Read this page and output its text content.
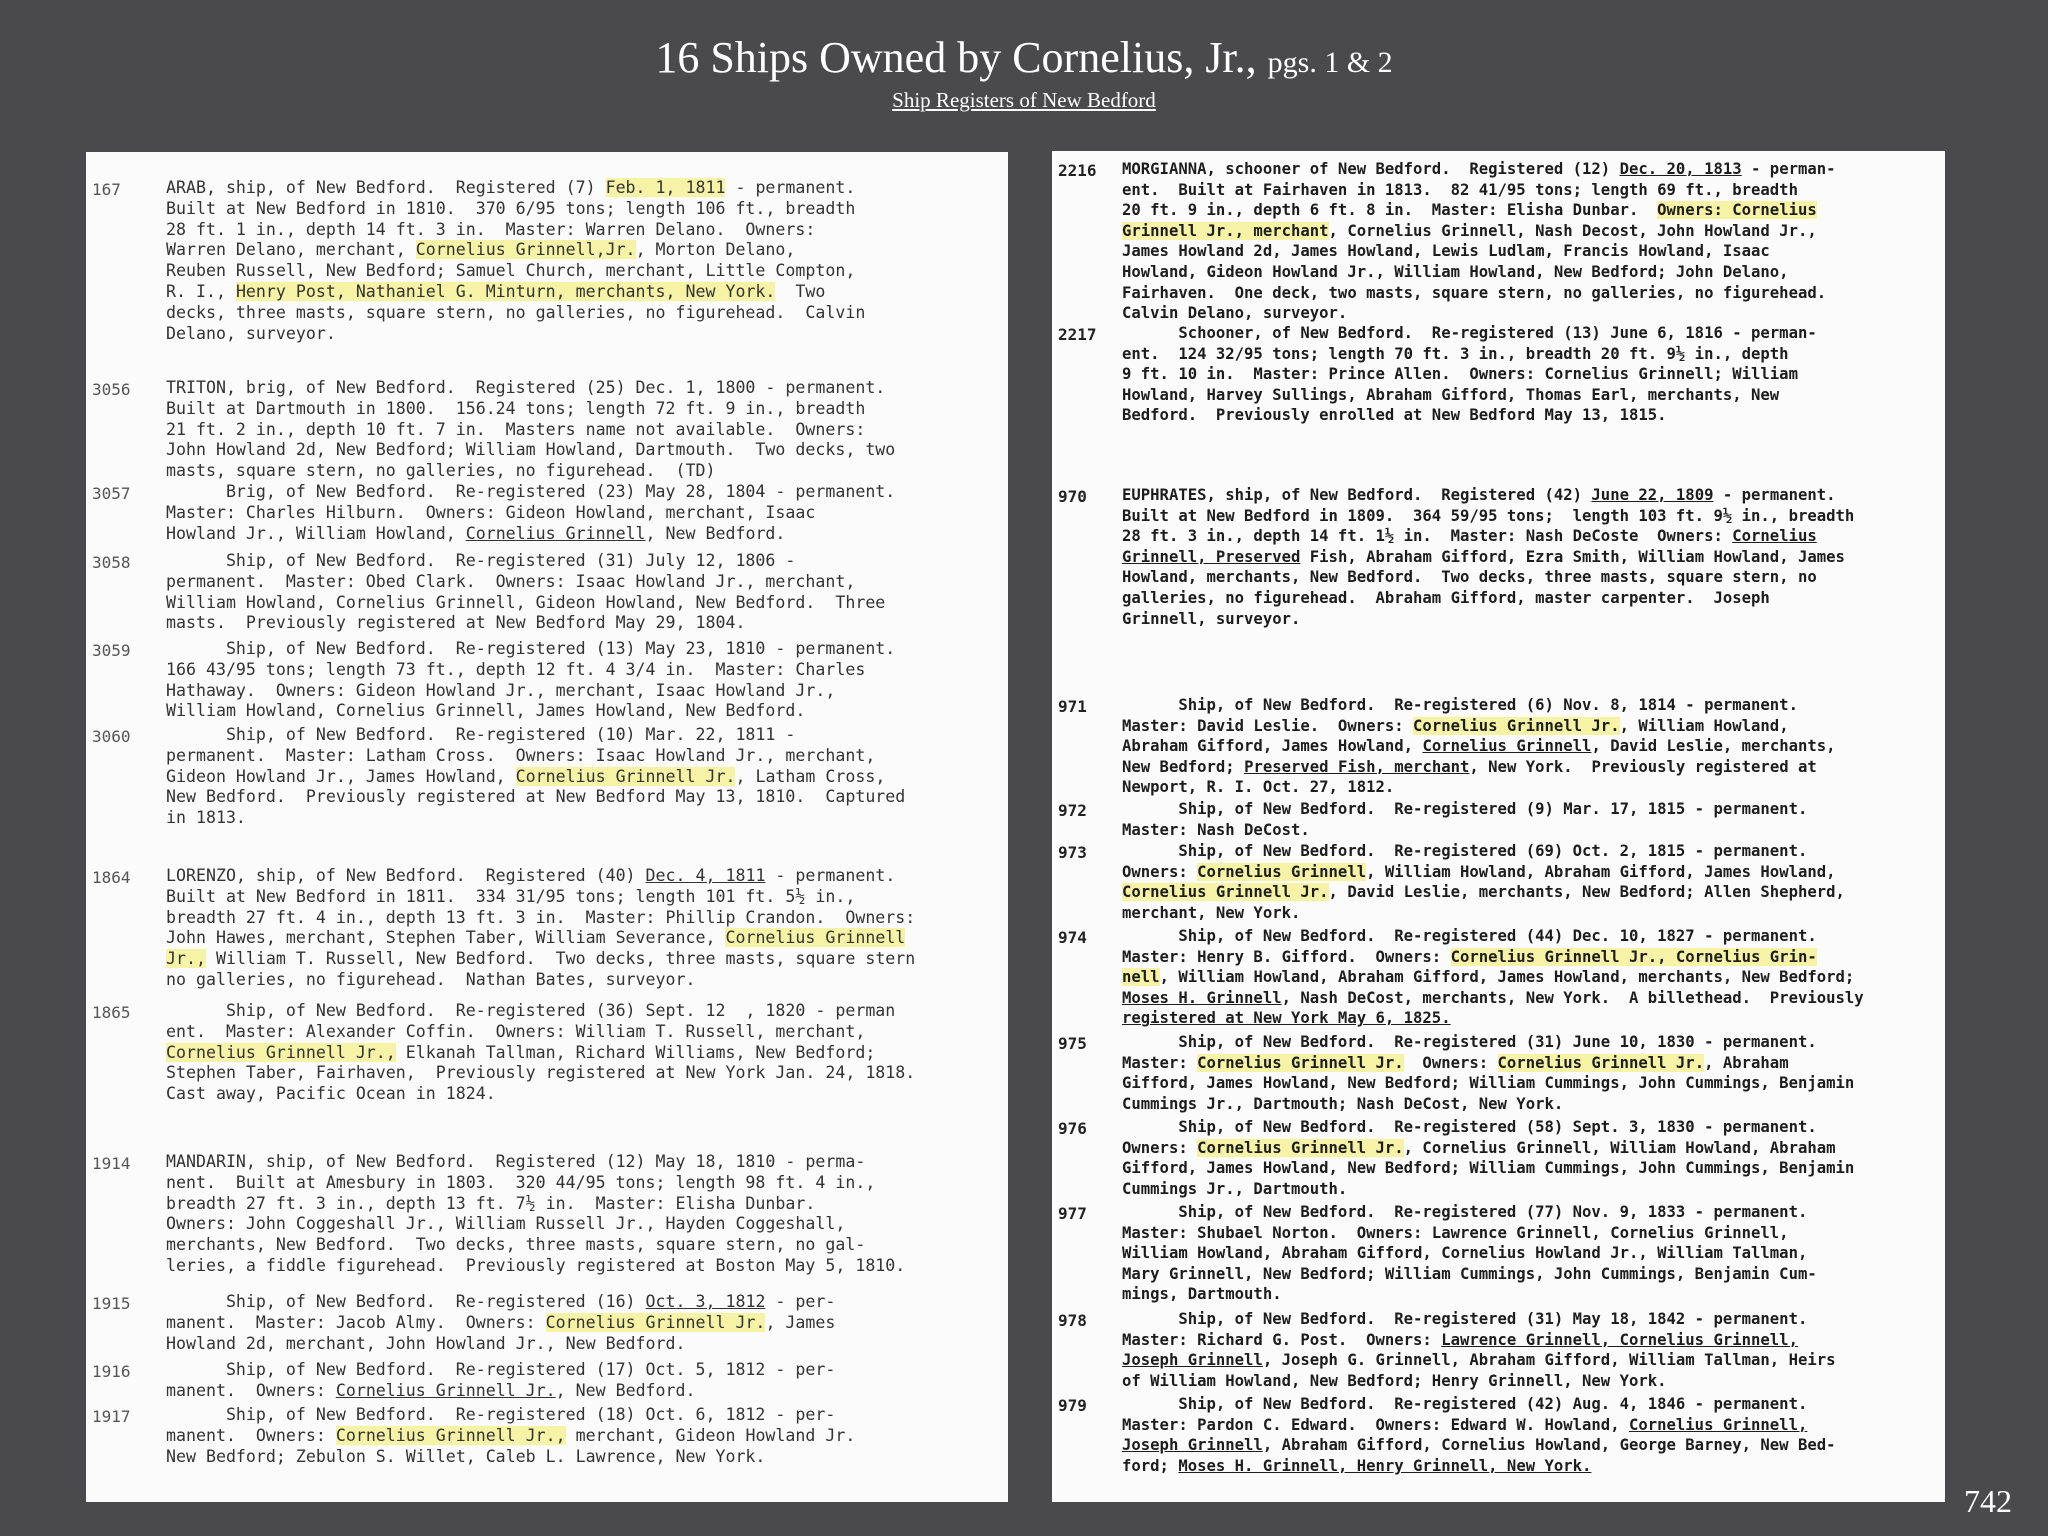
16 Ships Owned by Cornelius, Jr., pgs. 1 & 2
Ship Registers of New Bedford
167	ARAB, ship, of New Bedford.  Registered (7) Feb. 1, 1811 - permanent.
Built at New Bedford in 1810.  370 6/95 tons; length 106 ft., breadth
28 ft. 1 in., depth 14 ft. 3 in.  Master: Warren Delano.  Owners:
Warren Delano, merchant, Cornelius Grinnell,Jr., Morton Delano,
Reuben Russell, New Bedford; Samuel Church, merchant, Little Compton,
R. I., Henry Post, Nathaniel G. Minturn, merchants, New York.  Two
decks, three masts, square stern, no galleries, no figurehead.  Calvin
Delano, surveyor.
3056	TRITON, brig, of New Bedford.  Registered (25) Dec. 1, 1800 - permanent.
Built at Dartmouth in 1800.  156.24 tons; length 72 ft. 9 in., breadth
21 ft. 2 in., depth 10 ft. 7 in.  Masters name not available.  Owners:
John Howland 2d, New Bedford; William Howland, Dartmouth.  Two decks, two
masts, square stern, no galleries, no figurehead.  (TD)
3057	Brig, of New Bedford.  Re-registered (23) May 28, 1804 - permanent.
Master: Charles Hilburn.  Owners: Gideon Howland, merchant, Isaac
Howland Jr., William Howland, Cornelius Grinnell, New Bedford.
3058	Ship, of New Bedford.  Re-registered (31) July 12, 1806 -
permanent.  Master: Obed Clark.  Owners: Isaac Howland Jr., merchant,
William Howland, Cornelius Grinnell, Gideon Howland, New Bedford.  Three
masts.  Previously registered at New Bedford May 29, 1804.
3059	Ship, of New Bedford.  Re-registered (13) May 23, 1810 - permanent.
166 43/95 tons; length 73 ft., depth 12 ft. 4 3/4 in.  Master: Charles
Hathaway.  Owners: Gideon Howland Jr., merchant, Isaac Howland Jr.,
William Howland, Cornelius Grinnell, James Howland, New Bedford.
3060	Ship, of New Bedford.  Re-registered (10) Mar. 22, 1811 -
permanent.  Master: Latham Cross.  Owners: Isaac Howland Jr., merchant,
Gideon Howland Jr., James Howland, Cornelius Grinnell Jr., Latham Cross,
New Bedford.  Previously registered at New Bedford May 13, 1810.  Captured
in 1813.
1864	LORENZO, ship, of New Bedford.  Registered (40) Dec. 4, 1811 - permanent.
Built at New Bedford in 1811.  334 31/95 tons; length 101 ft. 5½ in.,
breadth 27 ft. 4 in., depth 13 ft. 3 in.  Master: Phillip Crandon.  Owners:
John Hawes, merchant, Stephen Taber, William Severance, Cornelius Grinnell
Jr., William T. Russell, New Bedford.  Two decks, three masts, square stern
no galleries, no figurehead.  Nathan Bates, surveyor.
1865	Ship, of New Bedford.  Re-registered (36) Sept. 12  , 1820 - perman
ent.  Master: Alexander Coffin.  Owners: William T. Russell, merchant,
Cornelius Grinnell Jr., Elkanah Tallman, Richard Williams, New Bedford;
Stephen Taber, Fairhaven,  Previously registered at New York Jan. 24, 1818.
Cast away, Pacific Ocean in 1824.
1914	MANDARIN, ship, of New Bedford.  Registered (12) May 18, 1810 - perma-
nent.  Built at Amesbury in 1803.  320 44/95 tons; length 98 ft. 4 in.,
breadth 27 ft. 3 in., depth 13 ft. 7½ in.  Master: Elisha Dunbar.
Owners: John Coggeshall Jr., William Russell Jr., Hayden Coggeshall,
merchants, New Bedford.  Two decks, three masts, square stern, no gal-
leries, a fiddle figurehead.  Previously registered at Boston May 5, 1810.
1915	Ship, of New Bedford.  Re-registered (16) Oct. 3, 1812 - per-
manent.  Master: Jacob Almy.  Owners: Cornelius Grinnell Jr., James
Howland 2d, merchant, John Howland Jr., New Bedford.
1916	Ship, of New Bedford.  Re-registered (17) Oct. 5, 1812 - per-
manent.  Owners: Cornelius Grinnell Jr., New Bedford.
1917	Ship, of New Bedford.  Re-registered (18) Oct. 6, 1812 - per-
manent.  Owners: Cornelius Grinnell Jr., merchant, Gideon Howland Jr.
New Bedford; Zebulon S. Willet, Caleb L. Lawrence, New York.
2216	MORGIANNA, schooner of New Bedford.  Registered (12) Dec. 20, 1813 - perman-
ent.  Built at Fairhaven in 1813.  82 41/95 tons; length 69 ft., breadth
20 ft. 9 in., depth 6 ft. 8 in.  Master: Elisha Dunbar.  Owners: Cornelius
Grinnell Jr., merchant, Cornelius Grinnell, Nash Decost, John Howland Jr.,
James Howland 2d, James Howland, Lewis Ludlam, Francis Howland, Isaac
Howland, Gideon Howland Jr., William Howland, New Bedford; John Delano,
Fairhaven.  One deck, two masts, square stern, no galleries, no figurehead.
Calvin Delano, surveyor.
2217	Schooner, of New Bedford.  Re-registered (13) June 6, 1816 - perman-
ent.  124 32/95 tons; length 70 ft. 3 in., breadth 20 ft. 9½ in., depth
9 ft. 10 in.  Master: Prince Allen.  Owners: Cornelius Grinnell; William
Howland, Harvey Sullings, Abraham Gifford, Thomas Earl, merchants, New
Bedford.  Previously enrolled at New Bedford May 13, 1815.
970	EUPHRATES, ship, of New Bedford.  Registered (42) June 22, 1809 - permanent.
Built at New Bedford in 1809.  364 59/95 tons;  length 103 ft. 9½ in., breadth
28 ft. 3 in., depth 14 ft. 1½ in.  Master: Nash DeCoste  Owners: Cornelius
Grinnell, Preserved Fish, Abraham Gifford, Ezra Smith, William Howland, James
Howland, merchants, New Bedford.  Two decks, three masts, square stern, no
galleries, no figurehead.  Abraham Gifford, master carpenter.  Joseph
Grinnell, surveyor.
971	Ship, of New Bedford.  Re-registered (6) Nov. 8, 1814 - permanent.
Master: David Leslie.  Owners: Cornelius Grinnell Jr., William Howland,
Abraham Gifford, James Howland, Cornelius Grinnell, David Leslie, merchants,
New Bedford; Preserved Fish, merchant, New York.  Previously registered at
Newport, R. I. Oct. 27, 1812.
972	Ship, of New Bedford.  Re-registered (9) Mar. 17, 1815 - permanent.
Master: Nash DeCost.
973	Ship, of New Bedford.  Re-registered (69) Oct. 2, 1815 - permanent.
Owners: Cornelius Grinnell, William Howland, Abraham Gifford, James Howland,
Cornelius Grinnell Jr., David Leslie, merchants, New Bedford; Allen Shepherd,
merchant, New York.
974	Ship, of New Bedford.  Re-registered (44) Dec. 10, 1827 - permanent.
Master: Henry B. Gifford.  Owners: Cornelius Grinnell Jr., Cornelius Grin-
nell, William Howland, Abraham Gifford, James Howland, merchants, New Bedford;
Moses H. Grinnell, Nash DeCost, merchants, New York.  A billethead.  Previously
registered at New York May 6, 1825.
975	Ship, of New Bedford.  Re-registered (31) June 10, 1830 - permanent.
Master: Cornelius Grinnell Jr.  Owners: Cornelius Grinnell Jr., Abraham
Gifford, James Howland, New Bedford; William Cummings, John Cummings, Benjamin
Cummings Jr., Dartmouth; Nash DeCost, New York.
976	Ship, of New Bedford.  Re-registered (58) Sept. 3, 1830 - permanent.
Owners: Cornelius Grinnell Jr., Cornelius Grinnell, William Howland, Abraham
Gifford, James Howland, New Bedford; William Cummings, John Cummings, Benjamin
Cummings Jr., Dartmouth.
977	Ship, of New Bedford.  Re-registered (77) Nov. 9, 1833 - permanent.
Master: Shubael Norton.  Owners: Lawrence Grinnell, Cornelius Grinnell,
William Howland, Abraham Gifford, Cornelius Howland Jr., William Tallman,
Mary Grinnell, New Bedford; William Cummings, John Cummings, Benjamin Cum-
mings, Dartmouth.
978	Ship, of New Bedford.  Re-registered (31) May 18, 1842 - permanent.
Master: Richard G. Post.  Owners: Lawrence Grinnell, Cornelius Grinnell,
Joseph Grinnell, Joseph G. Grinnell, Abraham Gifford, William Tallman, Heirs
of William Howland, New Bedford; Henry Grinnell, New York.
979	Ship, of New Bedford.  Re-registered (42) Aug. 4, 1846 - permanent.
Master: Pardon C. Edward.  Owners: Edward W. Howland, Cornelius Grinnell,
Joseph Grinnell, Abraham Gifford, Cornelius Howland, George Barney, New Bed-
ford; Moses H. Grinnell, Henry Grinnell, New York.
742
